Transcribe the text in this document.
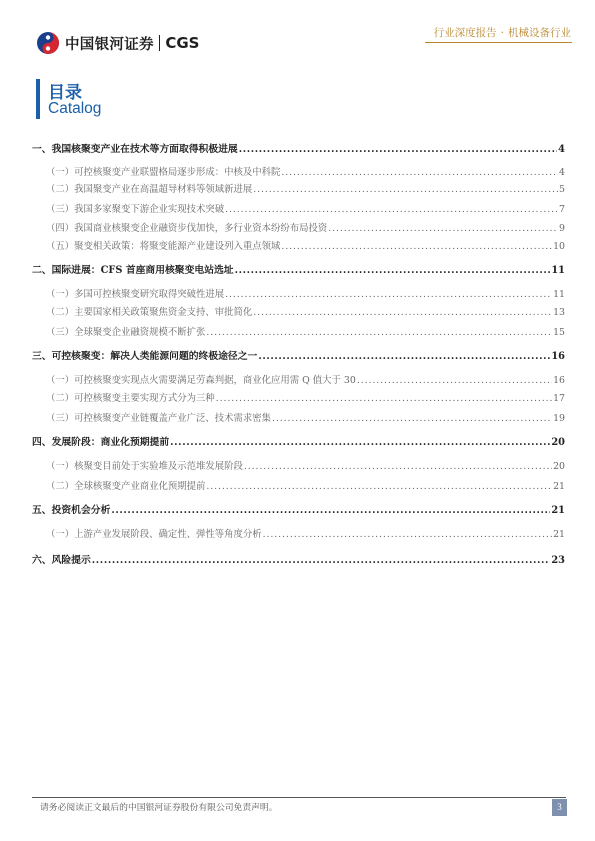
中国银河证券 CGS
行业深度报告 · 机械设备行业
目录
Catalog
一、 我国核聚变产业在技术等方面取得积极进展 .....	4
（一） 可控核聚变产业联盟格局逐步形成：中核及中科院 .....	4
（二） 我国聚变产业在高温超导材料等领域新进展 .....	5
（三） 我国多家聚变下游企业实现技术突破 .....	7
（四） 我国商业核聚变企业融资步伐加快，多行业资本纷纷布局投资 .....	9
（五） 聚变相关政策：将聚变能源产业建设列入重点领域 .....	10
二、 国际进展：CFS 首座商用核聚变电站选址 .....	11
（一） 多国可控核聚变研究取得突破性进展 .....	11
（二） 主要国家相关政策聚焦资金支持、审批简化 .....	13
（三） 全球聚变企业融资规模不断扩张 .....	15
三、 可控核聚变：解决人类能源问题的终极途径之一 .....	16
（一） 可控核聚变实现点火需要满足劳森判据，商业化应用需 Q 值大于 30 .....	16
（二） 可控核聚变主要实现方式分为三种 .....	17
（三） 可控核聚变产业链覆盖产业广泛、技术需求密集 .....	19
四、 发展阶段：商业化预期提前 .....	20
（一） 核聚变目前处于实验堆及示范堆发展阶段 .....	20
（二） 全球核聚变产业商业化预期提前 .....	21
五、 投资机会分析 .....	21
（一） 上游产业发展阶段、确定性、弹性等角度分析 .....	21
六、 风险提示 .....	23
请务必阅读正文最后的中国银河证券股份有限公司免责声明。	3
